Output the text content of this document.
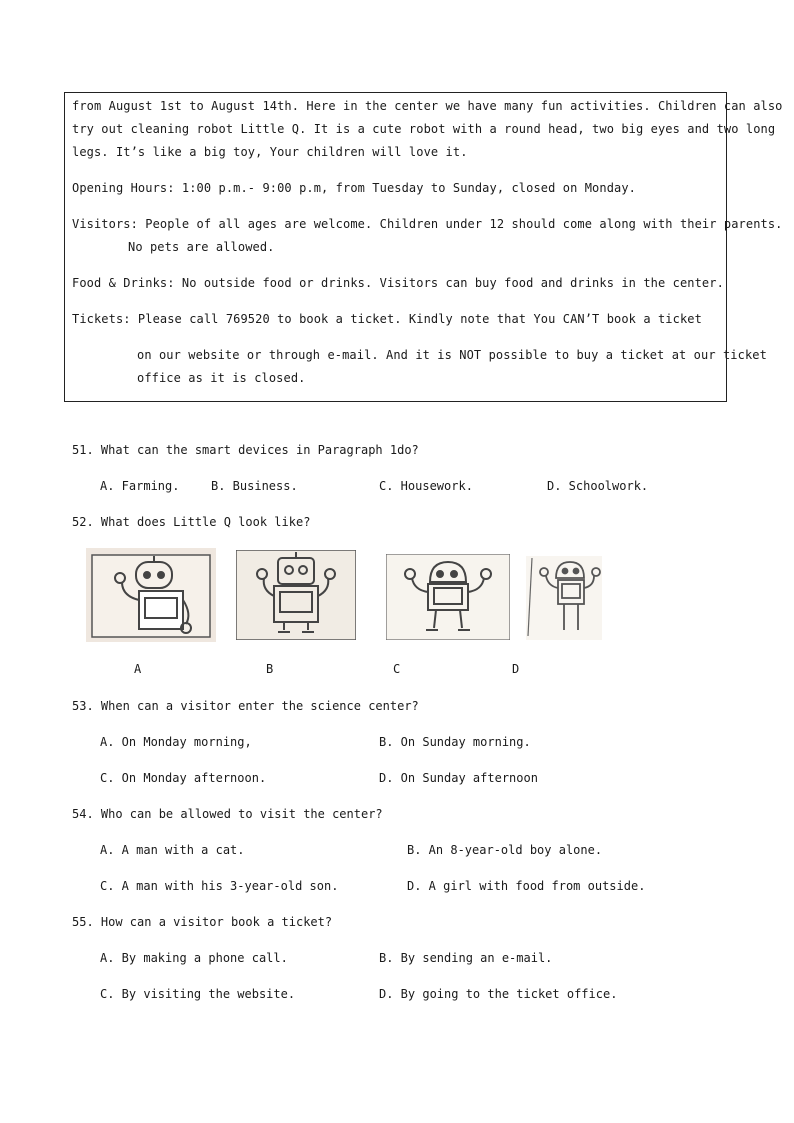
from August 1st to August 14th. Here in the center we have many fun activities. Children can also
try out cleaning robot Little Q. It is a cute robot with a round head, two big eyes and two long
legs. It’s like a big toy, Your children will love it.
Opening Hours: 1:00 p.m.- 9:00 p.m, from Tuesday to Sunday, closed on Monday.
Visitors: People of all ages are welcome. Children under 12 should come along with their parents.
No pets are allowed.
Food & Drinks: No outside food or drinks. Visitors can buy food and drinks in the center.
Tickets: Please call 769520 to book a ticket. Kindly note that You CAN’T book a ticket
on our website or through e-mail. And it is NOT possible to buy a ticket at our ticket
office as it is closed.
51. What can the smart devices in Paragraph 1do?
A. Farming.	B. Business.	C. Housework.	D. Schoolwork.
52. What does Little Q look like?
A	B	C	D
53. When can a visitor enter the science center?
A. On Monday morning,	B. On Sunday morning.
C. On Monday afternoon.	D. On Sunday afternoon
54. Who can be allowed to visit the center?
A. A man with a cat.	B. An 8-year-old boy alone.
C. A man with his 3-year-old son.	D. A girl with food from outside.
55. How can a visitor book a ticket?
A. By making a phone call.	B. By sending an e-mail.
C. By visiting the website.	D. By going to the ticket office.
